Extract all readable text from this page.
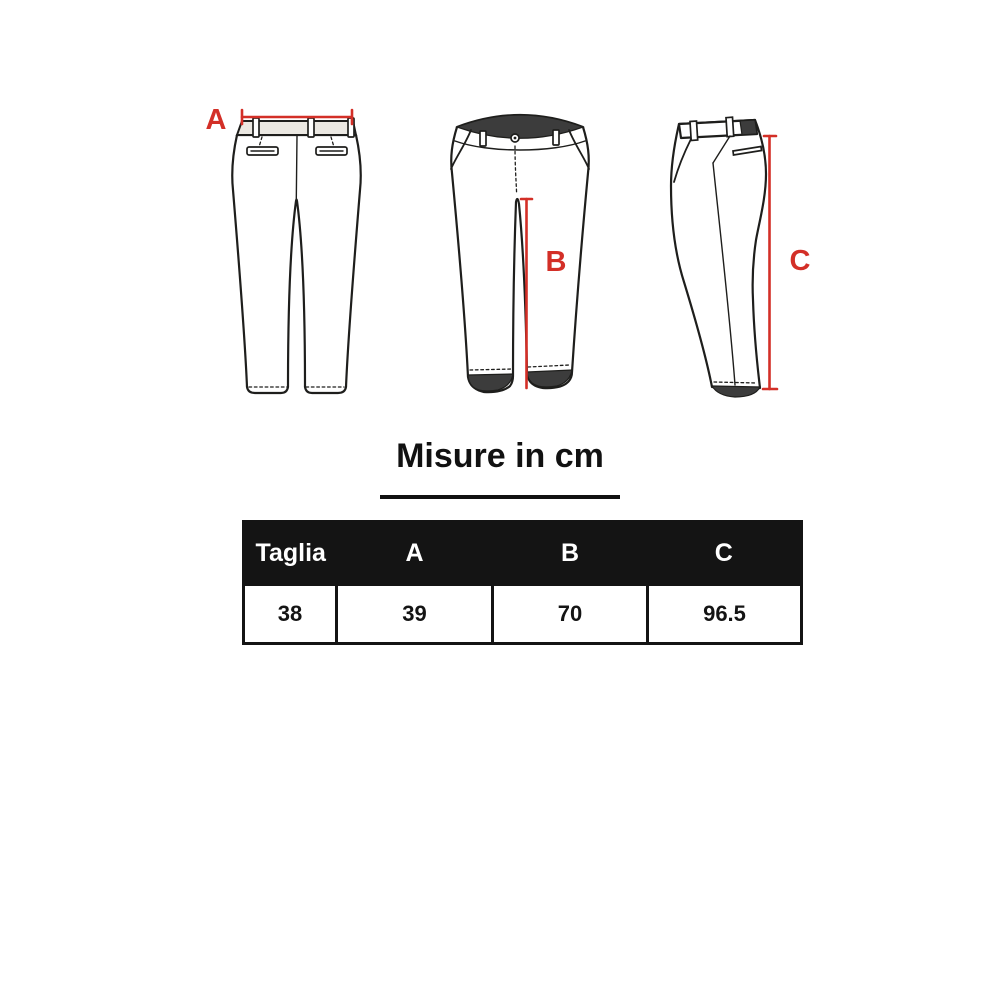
A
B	C
Misure in cm
Taglia	A	B	C
38	39	70	96.5
